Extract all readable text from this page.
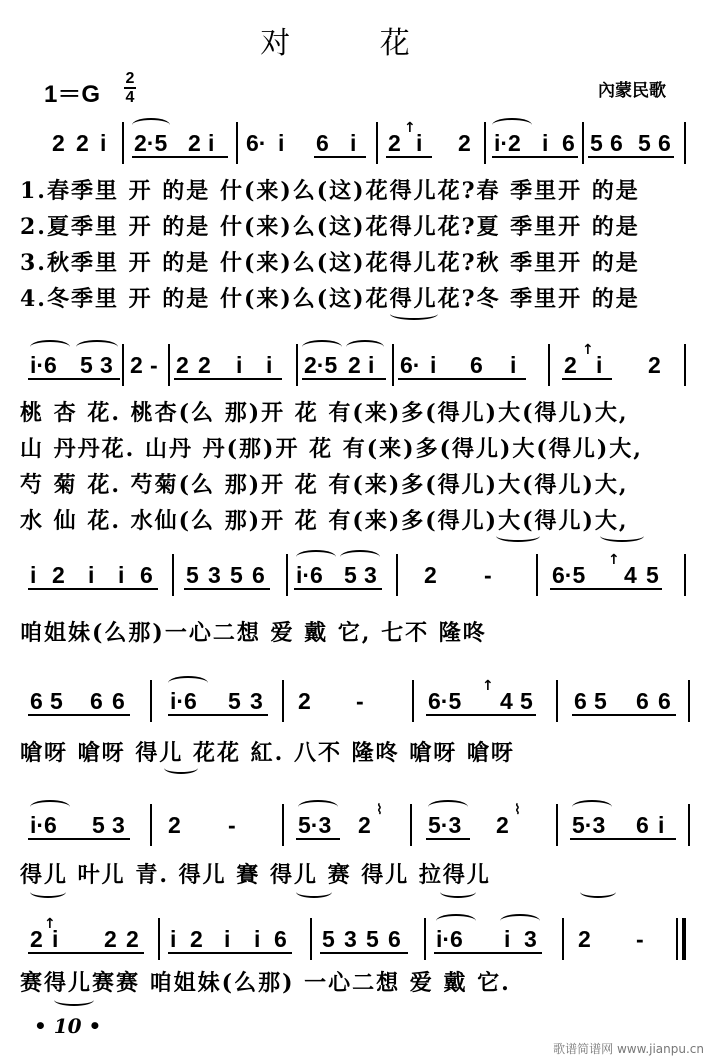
对 花
1＝G
2
4	內蒙民歌
2 2 i 2·5 2 i 6· i 6 i 2
↑
i 2 i·2 i 6 5 6 5 6
1.春季里 开 的是 什(来)么(这)花得儿花?春 季里开 的是
2.夏季里 开 的是 什(来)么(这)花得儿花?夏 季里开 的是
3.秋季里 开 的是 什(来)么(这)花得儿花?秋 季里开 的是
4.冬季里 开 的是 什(来)么(这)花得儿花?冬 季里开 的是
i·6 5 3 2 - 2 2 i i 2·5 2 i 6· i 6 i 2
↑
i 2
桃 杏 花. 桃杏(么 那)开 花 有(来)多(得儿)大(得儿)大,
山 丹丹花. 山丹 丹(那)开 花 有(来)多(得儿)大(得儿)大,
芍 菊 花. 芍菊(么 那)开 花 有(来)多(得儿)大(得儿)大,
水 仙 花. 水仙(么 那)开 花 有(来)多(得儿)大(得儿)大,
i 2 i i 6 5 3 5 6 i·6 5 3 2 -	6·5
↑
4 5
咱姐妹(么那)一心二想 爱 戴 它, 七不 隆咚
6 5 6 6 i·6 5 3 2 -	6·5
↑
4 5 6 5 6 6
嗆呀 嗆呀 得儿 花花 紅. 八不 隆咚 嗆呀 嗆呀
i·6 5 3 2 -	5·3 2
⌇
5·3 2
⌇
5·3 6 i
得儿 叶儿 青. 得儿 賽 得儿 赛 得儿 拉得儿
2
↑
i 2 2 i 2 i i 6 5 3 5 6 i·6 i 3 2 -
赛得儿赛赛 咱姐妹(么那) 一心二想 爱 戴 它.
• 10 •
歌谱简谱网 www.jianpu.cn
